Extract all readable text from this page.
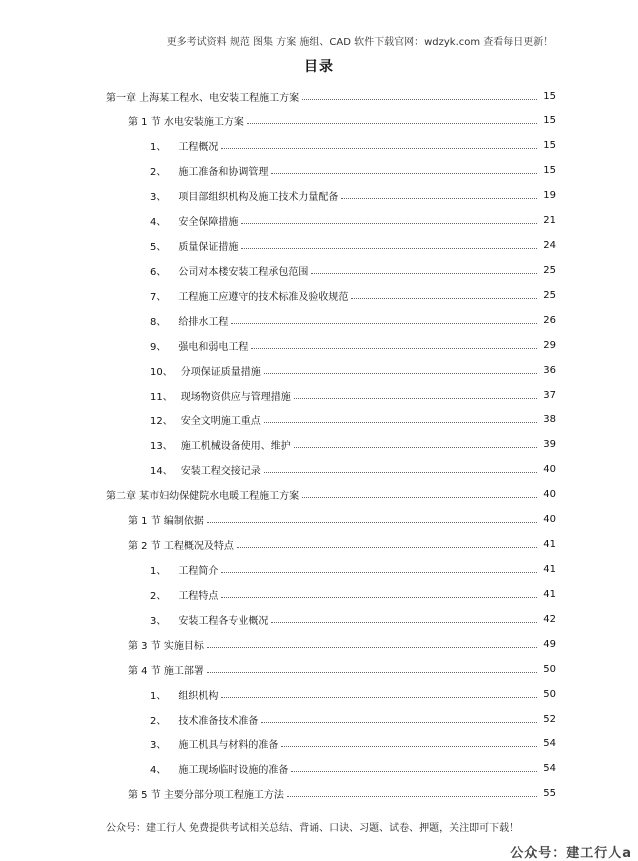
更多考试资料 规范 图集 方案 施组、CAD 软件下载官网：wdzyk.com 查看每日更新！
目录
第一章 上海某工程水、电安装工程施工方案	15
第 1 节 水电安装施工方案	15
1、 工程概况	15
2、 施工准备和协调管理	15
3、 项目部组织机构及施工技术力量配备	19
4、 安全保障措施	21
5、 质量保证措施	24
6、 公司对本楼安装工程承包范围	25
7、 工程施工应遵守的技术标准及验收规范	25
8、 给排水工程	26
9、 强电和弱电工程	29
10、 分项保证质量措施	36
11、 现场物资供应与管理措施	37
12、 安全文明施工重点	38
13、 施工机械设备使用、维护	39
14、 安装工程交接记录	40
第二章 某市妇幼保健院水电暖工程施工方案	40
第 1 节 编制依据	40
第 2 节 工程概况及特点	41
1、 工程简介	41
2、 工程特点	41
3、 安装工程各专业概况	42
第 3 节 实施目标	49
第 4 节 施工部署	50
1、 组织机构	50
2、 技术准备技术准备	52
3、 施工机具与材料的准备	54
4、 施工现场临时设施的准备	54
第 5 节 主要分部分项工程施工方法	55
公众号：建工行人 免费提供考试相关总结、背诵、口诀、习题、试卷、押题，关注即可下载！
公众号：建工行人a
